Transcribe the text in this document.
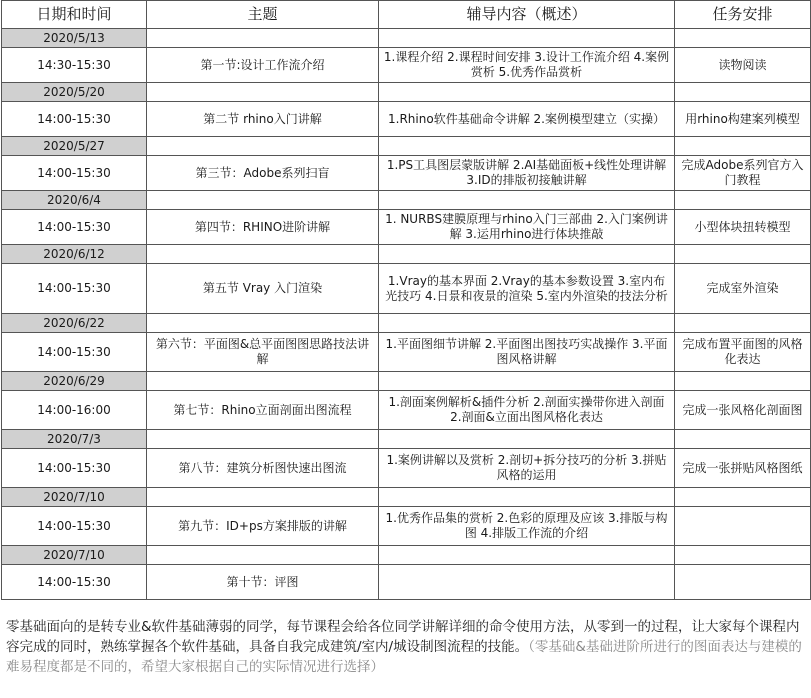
日期和时间	主题	辅导内容（概述）	任务安排
2020/5/13			
14:30-15:30	第一节:设计工作流介绍	1.课程介绍 2.课程时间安排 3.设计工作流介绍 4.案例赏析 5.优秀作品赏析	读物阅读
2020/5/20			
14:00-15:30	第二节 rhino入门讲解	1.Rhino软件基础命令讲解 2.案例模型建立（实操）	用rhino构建案列模型
2020/5/27			
14:00-15:30	第三节：Adobe系列扫盲	1.PS工具图层蒙版讲解 2.AI基础面板+线性处理讲解 3.ID的排版初接触讲解	完成Adobe系列官方入门教程
2020/6/4			
14:00-15:30	第四节：RHINO进阶讲解	1. NURBS建膜原理与rhino入门三部曲 2.入门案例讲解 3.运用rhino进行体块推敲	小型体块扭转模型
2020/6/12			
14:00-15:30	第五节 Vray 入门渲染	1.Vray的基本界面 2.Vray的基本参数设置 3.室内布光技巧 4.日景和夜景的渲染 5.室内外渲染的技法分析	完成室外渲染
2020/6/22			
14:00-15:30	第六节：平面图&总平面图图思路技法讲解	1.平面图细节讲解 2.平面图出图技巧实战操作 3.平面图风格讲解	完成布置平面图的风格化表达
2020/6/29			
14:00-16:00	第七节：Rhino立面剖面出图流程	1.剖面案例解析&插件分析 2.剖面实操带你进入剖面 2.剖面&立面出图风格化表达	完成一张风格化剖面图
2020/7/3			
14:00-15:30	第八节：建筑分析图快速出图流	1.案例讲解以及赏析 2.剖切+拆分技巧的分析 3.拼贴风格的运用	完成一张拼贴风格图纸
2020/7/10			
14:00-15:30	第九节：ID+ps方案排版的讲解	1.优秀作品集的赏析 2.色彩的原理及应该 3.排版与构图 4.排版工作流的介绍	
2020/7/10			
14:00-15:30	第十节：评图		
零基础面向的是转专业&软件基础薄弱的同学，每节课程会给各位同学讲解详细的命令使用方法，从零到一的过程，让大家每个课程内容完成的同时，熟练掌握各个软件基础，具备自我完成建筑/室内/城设制图流程的技能。（零基础&基础进阶所进行的图面表达与建模的难易程度都是不同的，希望大家根据自己的实际情况进行选择）
